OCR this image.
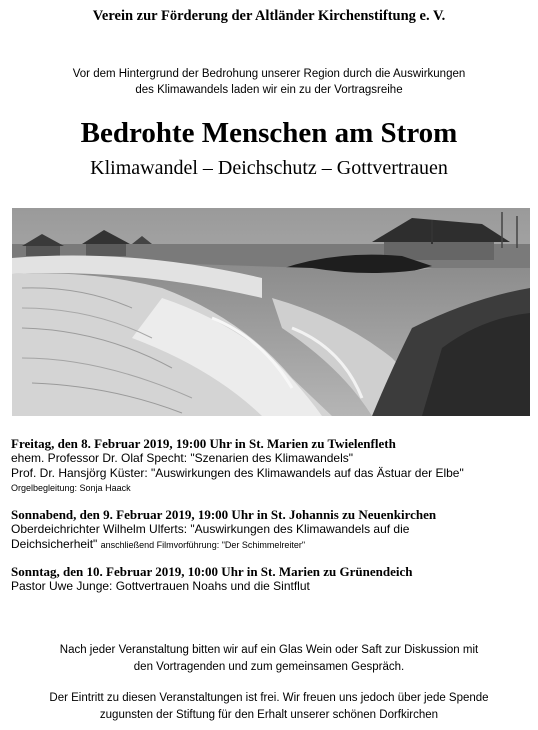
Verein zur Förderung der Altländer Kirchenstiftung e. V.
Vor dem Hintergrund der Bedrohung unserer Region durch die Auswirkungen
des Klimawandels laden wir ein zu der Vortragsreihe
Bedrohte Menschen am Strom
Klimawandel – Deichschutz – Gottvertrauen
Freitag, den 8. Februar 2019, 19:00 Uhr in St. Marien zu Twielenfleth
ehem. Professor Dr. Olaf Specht: "Szenarien des Klimawandels"
Prof. Dr. Hansjörg Küster: "Auswirkungen des Klimawandels auf das Ästuar der Elbe"
Orgelbegleitung: Sonja Haack
Sonnabend, den 9. Februar 2019, 19:00 Uhr in St. Johannis zu Neuenkirchen
Oberdeichrichter Wilhelm Ulferts: "Auswirkungen des Klimawandels auf die
Deichsicherheit" anschließend Filmvorführung: "Der Schimmelreiter"
Sonntag, den 10. Februar 2019, 10:00 Uhr in St. Marien zu Grünendeich
Pastor Uwe Junge: Gottvertrauen Noahs und die Sintflut
Nach jeder Veranstaltung bitten wir auf ein Glas Wein oder Saft zur Diskussion mit
den Vortragenden und zum gemeinsamen Gespräch.
Der Eintritt zu diesen Veranstaltungen ist frei. Wir freuen uns jedoch über jede Spende
zugunsten der Stiftung für den Erhalt unserer schönen Dorfkirchen
